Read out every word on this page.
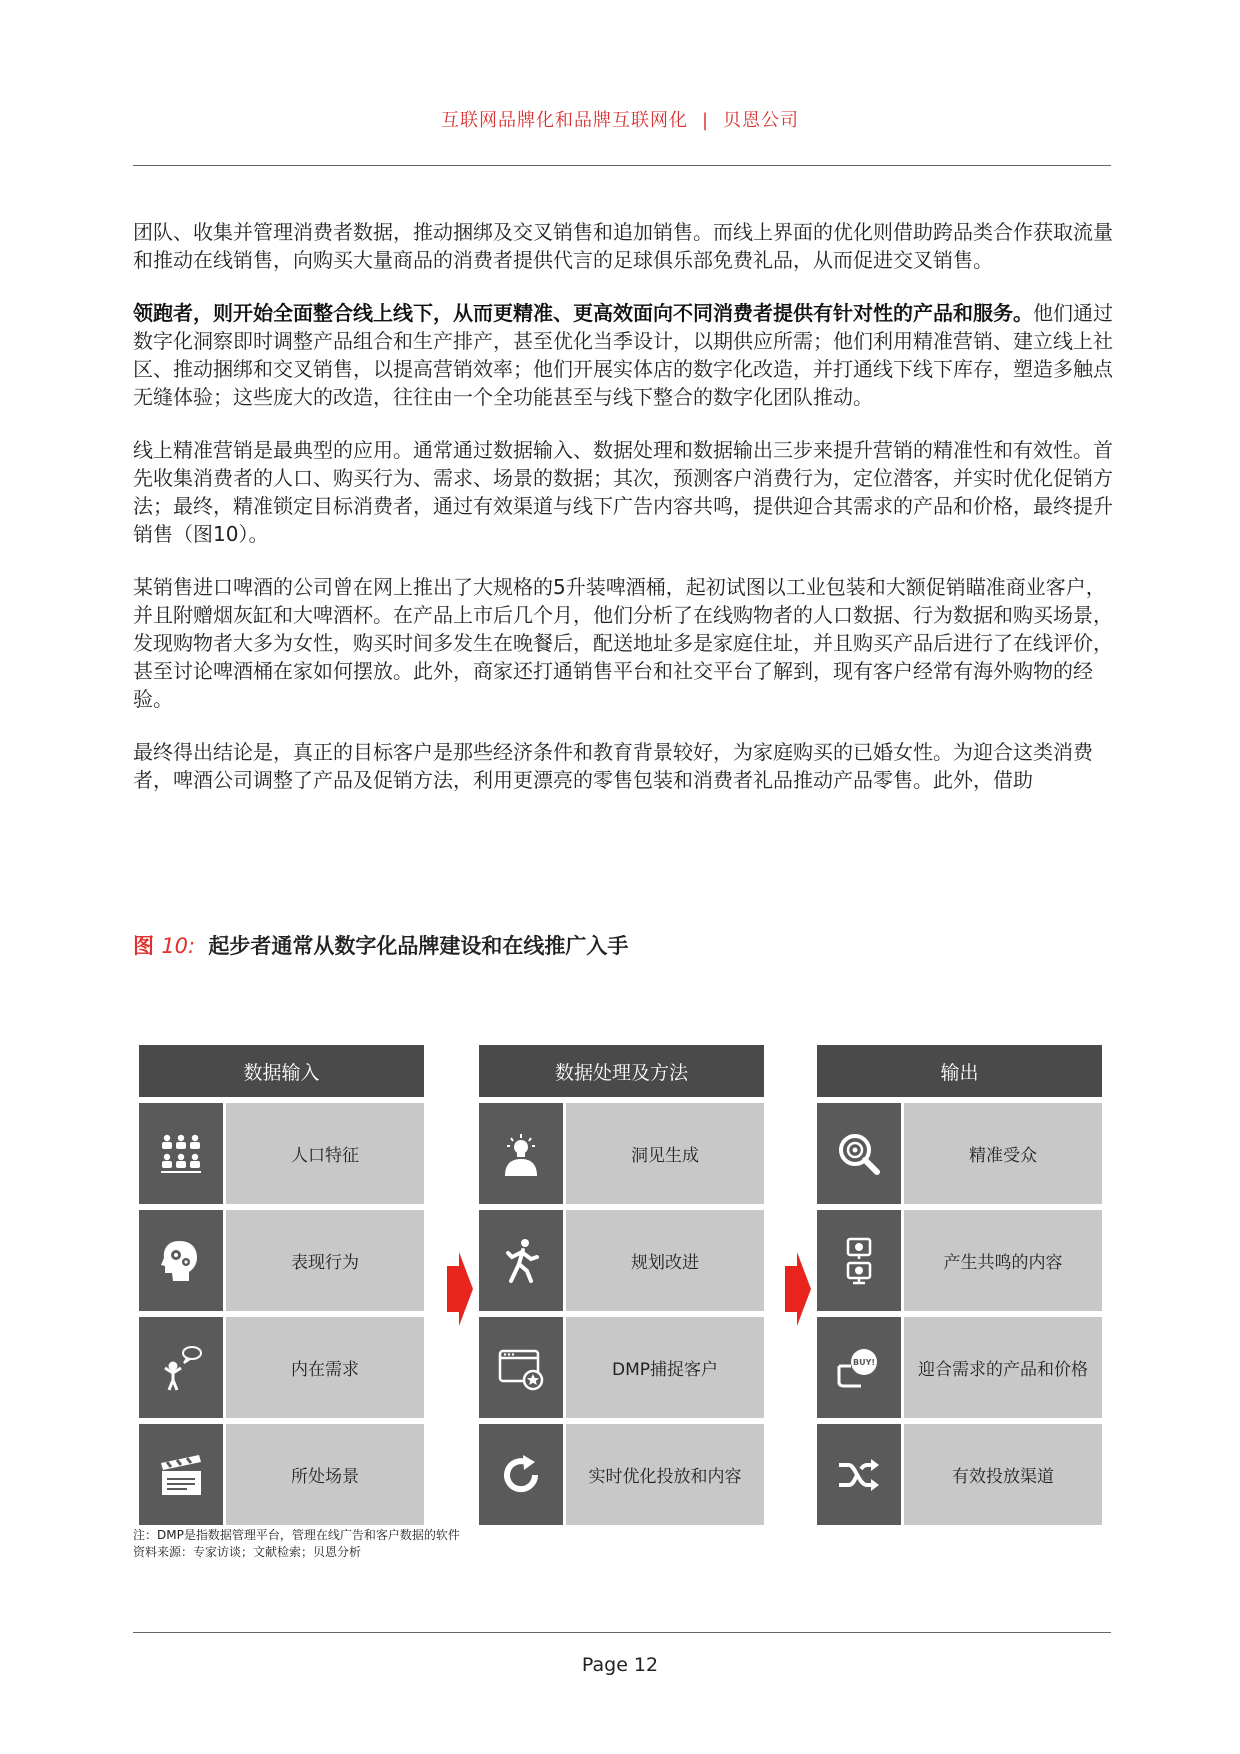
互联网品牌化和品牌互联网化 | 贝恩公司

团队、收集并管理消费者数据，推动捆绑及交叉销售和追加销售。而线上界面的优化则借助跨品类合作获取流量和推动在线销售，向购买大量商品的消费者提供代言的足球俱乐部免费礼品，从而促进交叉销售。

领跑者，则开始全面整合线上线下，从而更精准、更高效面向不同消费者提供有针对性的产品和服务。他们通过数字化洞察即时调整产品组合和生产排产，甚至优化当季设计，以期供应所需；他们利用精准营销、建立线上社区、推动捆绑和交叉销售，以提高营销效率；他们开展实体店的数字化改造，并打通线下线下库存，塑造多触点无缝体验；这些庞大的改造，往往由一个全功能甚至与线下整合的数字化团队推动。

线上精准营销是最典型的应用。通常通过数据输入、数据处理和数据输出三步来提升营销的精准性和有效性。首先收集消费者的人口、购买行为、需求、场景的数据；其次，预测客户消费行为，定位潜客，并实时优化促销方法；最终，精准锁定目标消费者，通过有效渠道与线下广告内容共鸣，提供迎合其需求的产品和价格，最终提升销售（图10）。

某销售进口啤酒的公司曾在网上推出了大规格的5升装啤酒桶，起初试图以工业包装和大额促销瞄准商业客户，并且附赠烟灰缸和大啤酒杯。在产品上市后几个月，他们分析了在线购物者的人口数据、行为数据和购买场景，发现购物者大多为女性，购买时间多发生在晚餐后，配送地址多是家庭住址，并且购买产品后进行了在线评价，甚至讨论啤酒桶在家如何摆放。此外，商家还打通销售平台和社交平台了解到，现有客户经常有海外购物的经验。

最终得出结论是，真正的目标客户是那些经济条件和教育背景较好，为家庭购买的已婚女性。为迎合这类消费者，啤酒公司调整了产品及促销方法，利用更漂亮的零售包装和消费者礼品推动产品零售。此外，借助

图 10: 起步者通常从数字化品牌建设和在线推广入手
数据输入
人口特征
表现行为
内在需求
所处场景
数据处理及方法
洞见生成
规划改进
DMP捕捉客户
实时优化投放和内容
输出
精准受众
产生共鸣的内容
BUY!	迎合需求的产品和价格
有效投放渠道
注：DMP是指数据管理平台，管理在线广告和客户数据的软件
资料来源：专家访谈；文献检索；贝恩分析
Page 12
